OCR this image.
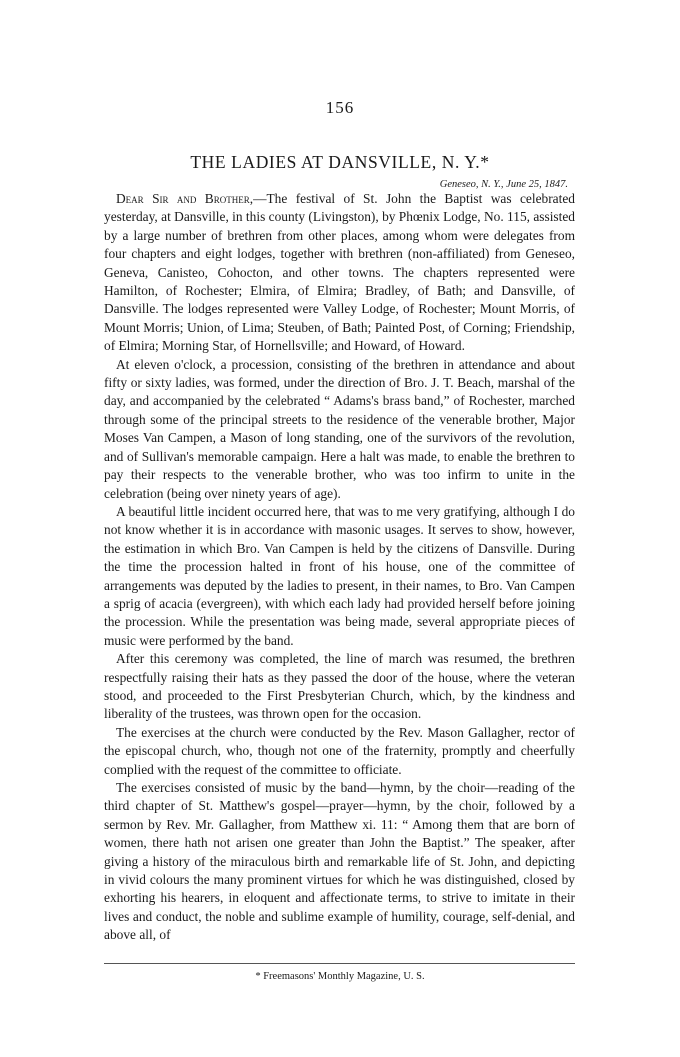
156
THE LADIES AT DANSVILLE, N. Y.*
Geneseo, N. Y., June 25, 1847.

Dear Sir and Brother,—The festival of St. John the Baptist was celebrated yesterday, at Dansville, in this county (Livingston), by Phœnix Lodge, No. 115, assisted by a large number of brethren from other places, among whom were delegates from four chapters and eight lodges, together with brethren (non-affiliated) from Geneseo, Geneva, Canisteo, Cohocton, and other towns. The chapters represented were Hamilton, of Rochester; Elmira, of Elmira; Bradley, of Bath; and Dansville, of Dansville. The lodges represented were Valley Lodge, of Rochester; Mount Morris, of Mount Morris; Union, of Lima; Steuben, of Bath; Painted Post, of Corning; Friendship, of Elmira; Morning Star, of Hornellsville; and Howard, of Howard.

At eleven o'clock, a procession, consisting of the brethren in attendance and about fifty or sixty ladies, was formed, under the direction of Bro. J. T. Beach, marshal of the day, and accompanied by the celebrated “ Adams's brass band,” of Rochester, marched through some of the principal streets to the residence of the venerable brother, Major Moses Van Campen, a Mason of long standing, one of the survivors of the revolution, and of Sullivan's memorable campaign. Here a halt was made, to enable the brethren to pay their respects to the venerable brother, who was too infirm to unite in the celebration (being over ninety years of age).

A beautiful little incident occurred here, that was to me very gratifying, although I do not know whether it is in accordance with masonic usages. It serves to show, however, the estimation in which Bro. Van Campen is held by the citizens of Dansville. During the time the procession halted in front of his house, one of the committee of arrangements was deputed by the ladies to present, in their names, to Bro. Van Campen a sprig of acacia (evergreen), with which each lady had provided herself before joining the procession. While the presentation was being made, several appropriate pieces of music were performed by the band.

After this ceremony was completed, the line of march was resumed, the brethren respectfully raising their hats as they passed the door of the house, where the veteran stood, and proceeded to the First Presbyterian Church, which, by the kindness and liberality of the trustees, was thrown open for the occasion.

The exercises at the church were conducted by the Rev. Mason Gallagher, rector of the episcopal church, who, though not one of the fraternity, promptly and cheerfully complied with the request of the committee to officiate.

The exercises consisted of music by the band—hymn, by the choir—reading of the third chapter of St. Matthew's gospel—prayer—hymn, by the choir, followed by a sermon by Rev. Mr. Gallagher, from Matthew xi. 11: “ Among them that are born of women, there hath not arisen one greater than John the Baptist.” The speaker, after giving a history of the miraculous birth and remarkable life of St. John, and depicting in vivid colours the many prominent virtues for which he was distinguished, closed by exhorting his hearers, in eloquent and affectionate terms, to strive to imitate in their lives and conduct, the noble and sublime example of humility, courage, self-denial, and above all, of

* Freemasons' Monthly Magazine, U. S.
